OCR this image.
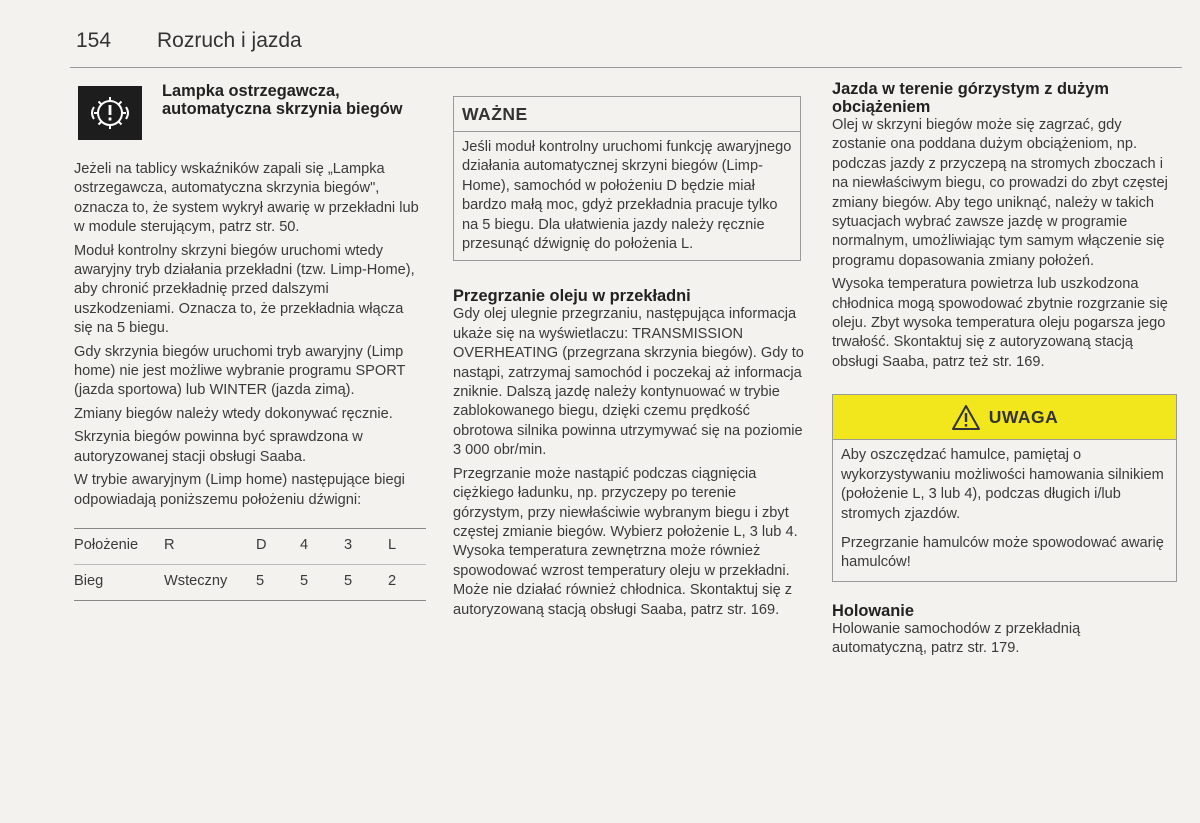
154 Rozruch i jazda
Lampka ostrzegawcza, automatyczna skrzynia biegów

Jeżeli na tablicy wskaźników zapali się „Lampka ostrzegawcza, automatyczna skrzynia biegów", oznacza to, że system wykrył awarię w przekładni lub w module sterującym, patrz str. 50.

Moduł kontrolny skrzyni biegów uruchomi wtedy awaryjny tryb działania przekładni (tzw. Limp-Home), aby chronić przekładnię przed dalszymi uszkodzeniami. Oznacza to, że przekładnia włącza się na 5 biegu.

Gdy skrzynia biegów uruchomi tryb awaryjny (Limp home) nie jest możliwe wybranie programu SPORT (jazda sportowa) lub WINTER (jazda zimą).

Zmiany biegów należy wtedy dokonywać ręcznie.

Skrzynia biegów powinna być sprawdzona w autoryzowanej stacji obsługi Saaba.

W trybie awaryjnym (Limp home) następujące biegi odpowiadają poniższemu położeniu dźwigni:

Położenie	R	D	4	3	L
Bieg	Wsteczny	5	5	5	2
WAŻNE

Jeśli moduł kontrolny uruchomi funkcję awaryjnego działania automatycznej skrzyni biegów (Limp-Home), samochód w położeniu D będzie miał bardzo małą moc, gdyż przekładnia pracuje tylko na 5 biegu. Dla ułatwienia jazdy należy ręcznie przesunąć dźwignię do położenia L.

Przegrzanie oleju w przekładni

Gdy olej ulegnie przegrzaniu, następująca informacja ukaże się na wyświetlaczu: TRANSMISSION OVERHEATING (przegrzana skrzynia biegów). Gdy to nastąpi, zatrzymaj samochód i poczekaj aż informacja zniknie. Dalszą jazdę należy kontynuować w trybie zablokowanego biegu, dzięki czemu prędkość obrotowa silnika powinna utrzymywać się na poziomie 3 000 obr/min.

Przegrzanie może nastąpić podczas ciągnięcia ciężkiego ładunku, np. przyczepy po terenie górzystym, przy niewłaściwie wybranym biegu i zbyt częstej zmianie biegów. Wybierz położenie L, 3 lub 4. Wysoka temperatura zewnętrzna może również spowodować wzrost temperatury oleju w przekładni. Może nie działać również chłodnica. Skontaktuj się z autoryzowaną stacją obsługi Saaba, patrz str. 169.

Jazda w terenie górzystym z dużym obciążeniem

Olej w skrzyni biegów może się zagrzać, gdy zostanie ona poddana dużym obciążeniom, np. podczas jazdy z przyczepą na stromych zboczach i na niewłaściwym biegu, co prowadzi do zbyt częstej zmiany biegów. Aby tego uniknąć, należy w takich sytuacjach wybrać zawsze jazdę w programie normalnym, umożliwiając tym samym włączenie się programu dopasowania zmiany położeń.

Wysoka temperatura powietrza lub uszkodzona chłodnica mogą spowodować zbytnie rozgrzanie się oleju. Zbyt wysoka temperatura oleju pogarsza jego trwałość. Skontaktuj się z autoryzowaną stacją obsługi Saaba, patrz też str. 169.

UWAGA

Aby oszczędzać hamulce, pamiętaj o wykorzystywaniu możliwości hamowania silnikiem (położenie L, 3 lub 4), podczas długich i/lub stromych zjazdów.

Przegrzanie hamulców może spowodować awarię hamulców!

Holowanie

Holowanie samochodów z przekładnią automatyczną, patrz str. 179.
